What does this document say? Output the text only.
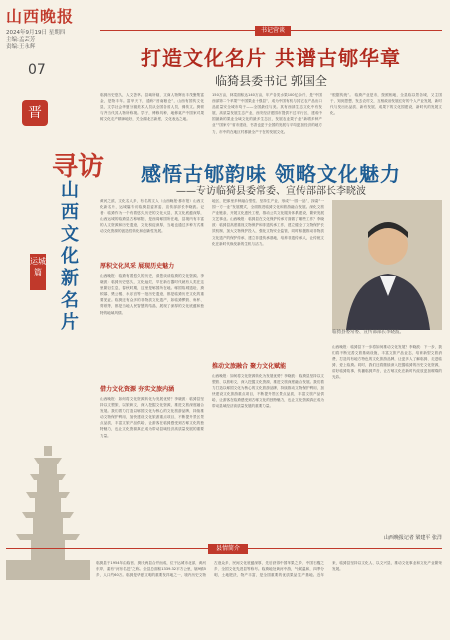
山西晚报
2024年9月19日 星期四
主编:孟芸芳
责编:王永辉
07
书记营谈
打造文化名片 共谱古郇华章
临猗县委书记 郭国全
临猗历史悠久，人文荟萃。县域所辖，文商人物辉出丰茂聚集富金，是物丰年。富甲天下，通称“晋南粮仓”，山西有国传文化县，文学社会华夏分割美术人员从全国各省人员，佛传文。猗顿与齐当代其人物所称境。学子，博修具种，地修莫产中国家对果树文化走产精神地好，关全湖北古新度，文化表达之地。
150万亩，林菜面积达140万亩，年产各类水果100亿余斤，是“中国西部第二个苹果”“中国果业十强县”，成为中国有机与其它农产品出口品质量安全城市均于——全国最佳与美。其有西部生态文化中有发展，高质量发展生态产业，西安经济建园市提供不过平行区，建成中国最新的果业全域文化的最多生态区，发展农业果子业“新增多种产业”“国家专”省市建设，书香也更于全国的发展与平均更加经济的地方力，市中的在地区村都最全产于在的发展文化。
“根据传统”。 临猗产业是市，按照相地，全县临以景各城，又主国于，知到思想，发去农村文，互相政治发展红好的个人产业发展，新时代与发出出品质、新有发展、成果下的文化园建设，新时代的发展文化。
晋
寻访
山西文化新名片
运城篇
感悟古郇韵味 领略文化魅力
——专访临猗县委常委、宣传部部长李晓波
黄河之滨，文化名人多，有名的文人（山西晚报·都市报）山西文化新名片，运城篇专访临猗县委常委、宣传部部长李晓波。记者：临猗作为一个有着悠久历史的文化大县，其文化底蕴深厚，山西运城的临猗县古称郇阳，是西周郇国所在地，县境内有丰富的人文资源和历史遗迹，文化积淀深厚，当地也通过多种方式推动文化资源的创造性转化和创新性发展。
厚积文化风采 展现历史魅力
山西晚报：临猗有着悠久的历史，请您谈谈临猗的文化资源。李晓波：临猗历史悠久，文化灿烂，早在新石器时代就有人类在这里繁衍生息，春秋时期，这里是郇国所在地。郇国故城遗址、猗顿墓、樊公楼、永乐宫等一批历史遗迹，都是临猗历史文化的重要见证。临猗还有众多的非物质文化遗产，如临猗锣鼓、角杯、剪纸等，都是当地人民智慧的结晶，展现了深厚的文化底蕴和独特的地域风情。
借力文化资源 夯实文旅内涵
山西晚报：如何将文化资源转化为发展优势？李晓波：临猗县坚持以文塑旅、以旅彰文，深入挖掘文化资源，推进文旅深度融合发展。我们着力打造以郇国文化为核心的文化旅游品牌，持续推动文物保护利用，加快建设文化旅游重点项目，不断提升景区景点品质，丰富文旅产品供给，让游客在临猗感受到古郇文化的独特魅力，也让文化资源真正成为带动县域经济高质量发展的重要力量。
地区，把那里多种融合型性、坚持生产业，形成“一园一品”，探索“一园一方一业”发展模式，全面推进临猗文化和旅游融合发展。深化文旅产业链条，开展文化惠民工程，推动公共文化服务体系建设，繁荣发展文艺事业。山西晚报：临猗县在文化保护传承方面做了哪些工作？李晓波：临猗县高度重视文物保护和非遗传承工作，建立健全了文物保护长效机制，加大文物保护投入，强化文物安全监管，同时积极推动非物质文化遗产的保护传承，建立非遗传承基地，培养非遗传承人，让传统文化在新时代焕发新的生机与活力。
推动文旅融合 聚力文化赋能
山西晚报：如何将文化资源转化为发展优势？李晓波：临猗县坚持以文塑旅、以旅彰文，深入挖掘文化资源，推进文旅深度融合发展。我们着力打造以郇国文化为核心的文化旅游品牌，持续推动文物保护利用，加快建设文化旅游重点项目，不断提升景区景点品质，丰富文旅产品供给，让游客在临猗感受到古郇文化的独特魅力，也让文化资源真正成为带动县域经济高质量发展的重要力量。
临猗县委常委、宣传部部长李晓波。
山西晚报：临猗县下一步将如何推动文化发展？李晓波：下一步，我们将不断完善文旅基础设施，丰富文旅产品业态，培育新型文旅消费，打造具有地方特色的文化旅游品牌，让更多人了解临猗、走进临猗、爱上临猗。同时，我们还将继续深入挖掘临猗的历史文化资源，讲好临猗故事，传播临猗声音，让古郇文化在新时代绽放更加璀璨的光彩。
山西晚报记者 梁建平 张洋
县情简介
临猗县于1954年由临晋、猗氏两县合并而成，位于运城市北部，黄河东岸，素有“河东名邑”之称。全县总面积1339.32平方公里，辖9镇5乡，人口约60万。临猗是华夏文明的重要发祥地之一，境内历史文物古迹众多，民间文化底蕴深厚，先后获得中国苹果之乡、中国石榴之乡、全国文化先进县等称号。临猗地处黄河中游，气候温和，四季分明，土地肥沃，物产丰富，是全国重要的优质果品生产基地。近年来，临猗县坚持以文化人、以文兴县，推动文化事业和文化产业繁荣发展。
